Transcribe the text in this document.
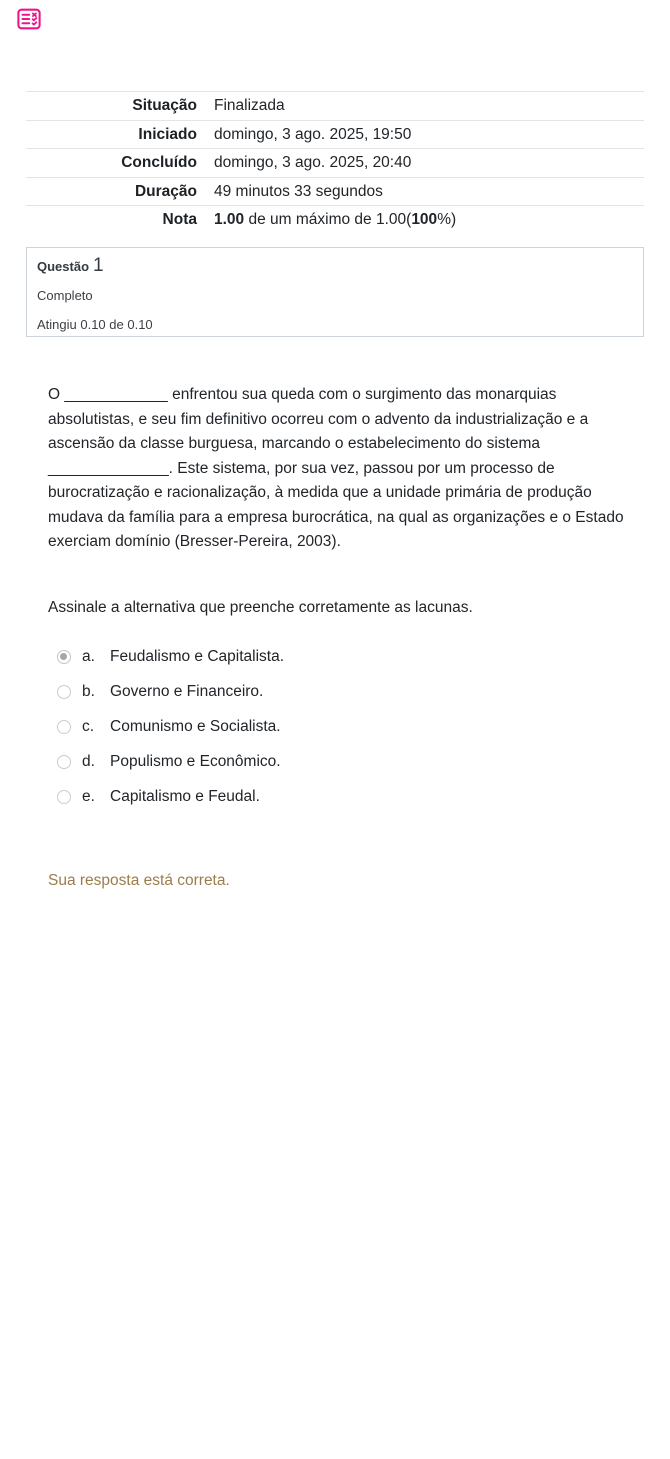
Situação	Finalizada
Iniciado	domingo, 3 ago. 2025, 19:50
Concluído	domingo, 3 ago. 2025, 20:40
Duração	49 minutos 33 segundos
Nota	1.00 de um máximo de 1.00(100%)
Questão 1
Completo
Atingiu 0.10 de 0.10
O ____________ enfrentou sua queda com o surgimento das monarquias absolutistas, e seu fim definitivo ocorreu com o advento da industrialização e a ascensão da classe burguesa, marcando o estabelecimento do sistema ______________. Este sistema, por sua vez, passou por um processo de burocratização e racionalização, à medida que a unidade primária de produção mudava da família para a empresa burocrática, na qual as organizações e o Estado exerciam domínio (Bresser-Pereira, 2003).
Assinale a alternativa que preenche corretamente as lacunas.
a. Feudalismo e Capitalista.
b. Governo e Financeiro.
c.	Comunismo e Socialista.
d. Populismo e Econômico.
e. Capitalismo e Feudal.
Sua resposta está correta.
